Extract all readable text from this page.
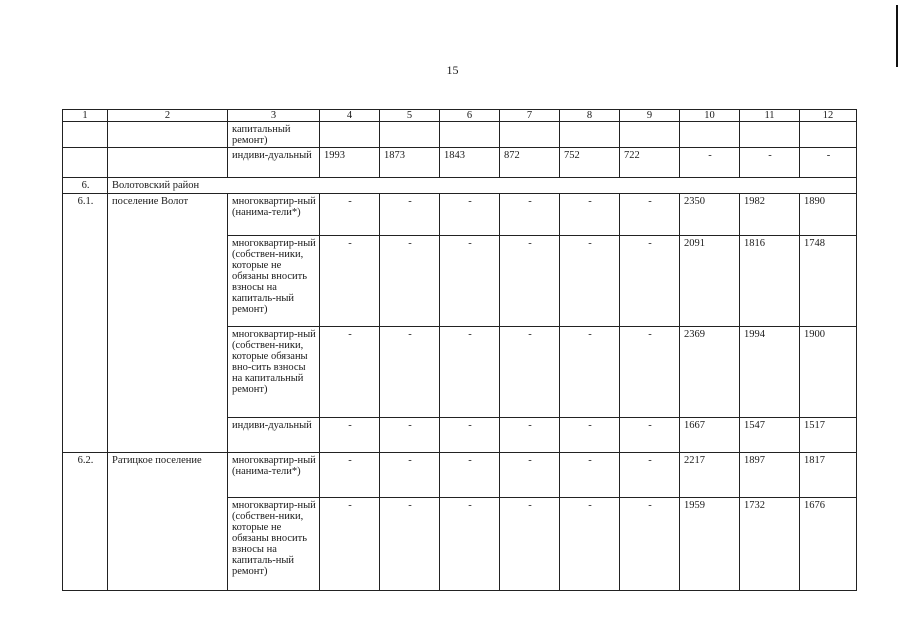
15
1	2	3	4	5	6	7	8	9	10	11	12
		капитальный ремонт)									
		индиви-дуальный	1993	1873	1843	872	752	722	-	-	-
6.	Волотовский район										
6.1.	поселение Волот	многоквартир-ный (нанима-тели*)	-	-	-	-	-	-	2350	1982	1890
		многоквартир-ный (собствен-ники, которые не обязаны вносить взносы на капиталь-ный ремонт)	-	-	-	-	-	-	2091	1816	1748
		многоквартир-ный (собствен-ники, которые обязаны вно-сить взносы на капитальный ремонт)	-	-	-	-	-	-	2369	1994	1900
		индиви-дуальный	-	-	-	-	-	-	1667	1547	1517
6.2.	Ратицкое поселение	многоквартир-ный (нанима-тели*)	-	-	-	-	-	-	2217	1897	1817
		многоквартир-ный (собствен-ники, которые не обязаны вносить взносы на капиталь-ный ремонт)	-	-	-	-	-	-	1959	1732	1676
